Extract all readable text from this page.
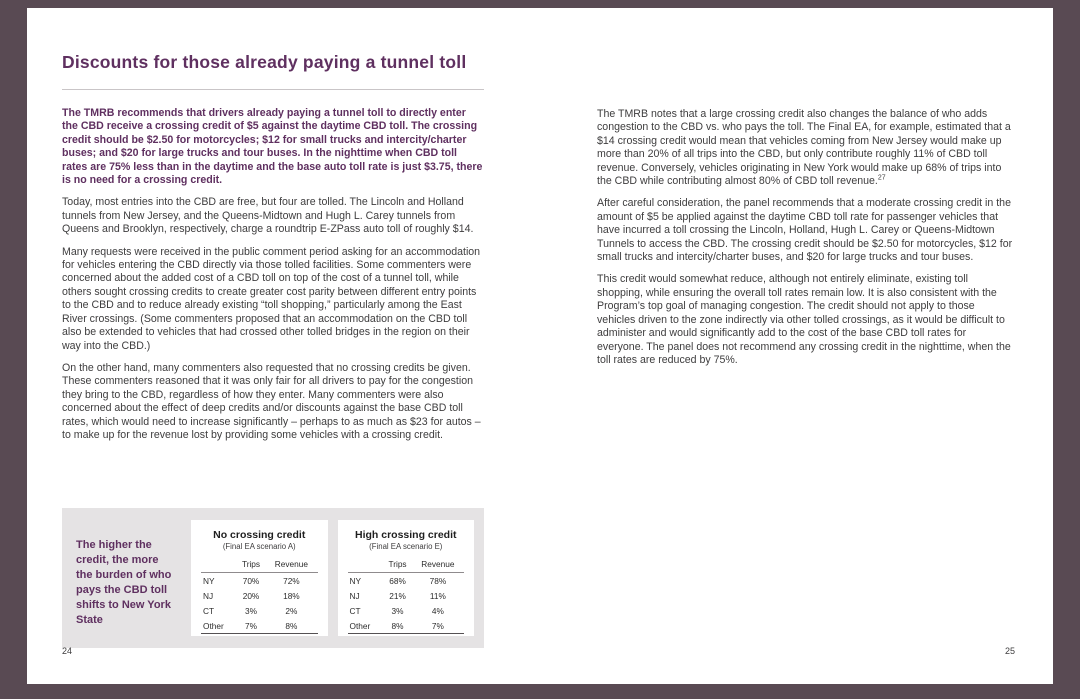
Discounts for those already paying a tunnel toll

The TMRB recommends that drivers already paying a tunnel toll to directly enter the CBD receive a crossing credit of $5 against the daytime CBD toll. The crossing credit should be $2.50 for motorcycles; $12 for small trucks and intercity/charter buses; and $20 for large trucks and tour buses. In the nighttime when CBD toll rates are 75% less than in the daytime and the base auto toll rate is just $3.75, there is no need for a crossing credit.

Today, most entries into the CBD are free, but four are tolled. The Lincoln and Holland tunnels from New Jersey, and the Queens-Midtown and Hugh L. Carey tunnels from Queens and Brooklyn, respectively, charge a roundtrip E-ZPass auto toll of roughly $14.

Many requests were received in the public comment period asking for an accommodation for vehicles entering the CBD directly via those tolled facilities. Some commenters were concerned about the added cost of a CBD toll on top of the cost of a tunnel toll, while others sought crossing credits to create greater cost parity between different entry points to the CBD and to reduce already existing “toll shopping,” particularly among the East River crossings. (Some commenters proposed that an accommodation on the CBD toll also be extended to vehicles that had crossed other tolled bridges in the region on their way into the CBD.)

On the other hand, many commenters also requested that no crossing credits be given. These commenters reasoned that it was only fair for all drivers to pay for the congestion they bring to the CBD, regardless of how they enter. Many commenters were also concerned about the effect of deep credits and/or discounts against the base CBD toll rates, which would need to increase significantly – perhaps to as much as $23 for autos – to make up for the revenue lost by providing some vehicles with a crossing credit.

The higher the credit, the more the burden of who pays the CBD toll shifts to New York State
No crossing credit
(Final EA scenario A)
	Trips	Revenue
NY	70%	72%
NJ	20%	18%
CT	3%	2%
Other	7%	8%
High crossing credit
(Final EA scenario E)
	Trips	Revenue
NY	68%	78%
NJ	21%	11%
CT	3%	4%
Other	8%	7%
24

The TMRB notes that a large crossing credit also changes the balance of who adds congestion to the CBD vs. who pays the toll. The Final EA, for example, estimated that a $14 crossing credit would mean that vehicles coming from New Jersey would make up more than 20% of all trips into the CBD, but only contribute roughly 11% of CBD toll revenue. Conversely, vehicles originating in New York would make up 68% of trips into the CBD while contributing almost 80% of CBD toll revenue.$^{27}$

After careful consideration, the panel recommends that a moderate crossing credit in the amount of $5 be applied against the daytime CBD toll rate for passenger vehicles that have incurred a toll crossing the Lincoln, Holland, Hugh L. Carey or Queens-Midtown Tunnels to access the CBD. The crossing credit should be $2.50 for motorcycles, $12 for small trucks and intercity/charter buses, and $20 for large trucks and tour buses.

This credit would somewhat reduce, although not entirely eliminate, existing toll shopping, while ensuring the overall toll rates remain low. It is also consistent with the Program’s top goal of managing congestion. The credit should not apply to those vehicles driven to the zone indirectly via other tolled crossings, as it would be difficult to administer and would significantly add to the cost of the base CBD toll rates for everyone. The panel does not recommend any crossing credit in the nighttime, when the toll rates are reduced by 75%.

25
